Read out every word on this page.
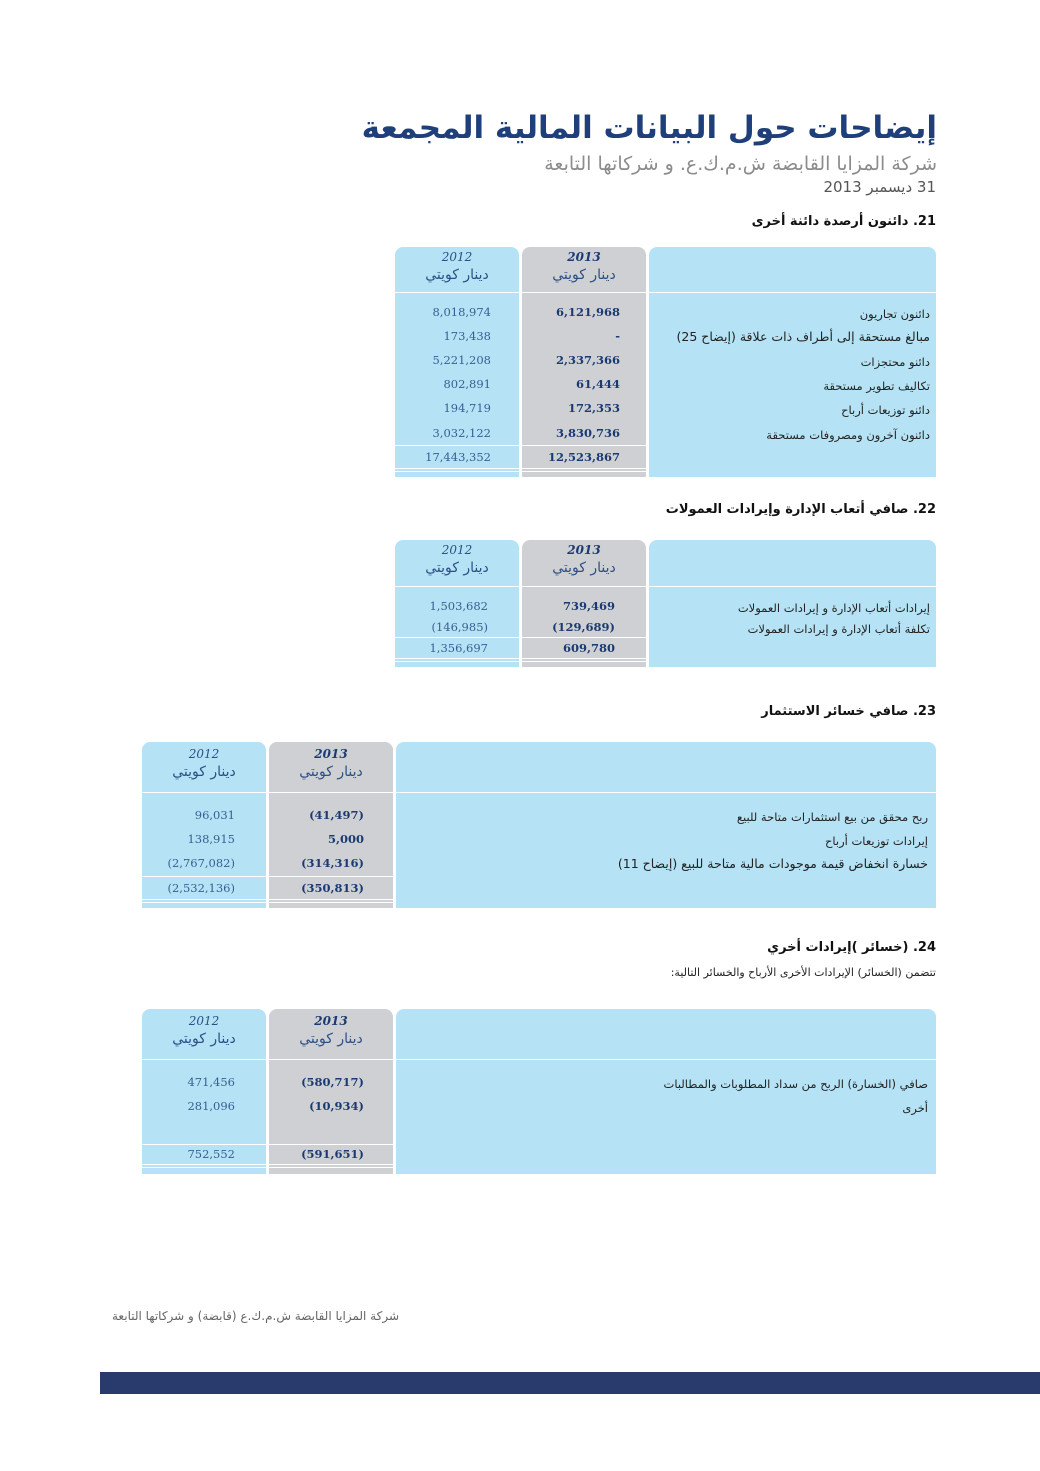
إيضاحات حول البيانات المالية المجمعة
شركة المزايا القابضة ش.م.ك.ع. و شركاتها التابعة
31 ديسمبر 2013
21. دائنون أرصدة دائنة أخرى
2012
دينار كويتي
2013
دينار كويتي
8,018,974	6,121,968	دائنون تجاريون
173,438	-	مبالغ مستحقة إلى أطراف ذات علاقة (إيضاح 25)
5,221,208	2,337,366	دائنو محتجزات
802,891	61,444	تكاليف تطوير مستحقة
194,719	172,353	دائنو توزيعات أرباح
3,032,122	3,830,736	دائنون آخرون ومصروفات مستحقة
17,443,352	12,523,867
22. صافي أتعاب الإدارة وإيرادات العمولات
2012
دينار كويتي
2013
دينار كويتي
1,503,682	739,469	إيرادات أتعاب الإدارة و إيرادات العمولات
(146,985)	(129,689)	تكلفة أتعاب الإدارة و إيرادات العمولات
1,356,697	609,780
23. صافي خسائر الاستثمار
2012
دينار كويتي
2013
دينار كويتي
96,031	(41,497)	ربح محقق من بيع استثمارات متاحة للبيع
138,915	5,000	إيرادات توزيعات أرباح
(2,767,082)	(314,316)	خسارة انخفاض قيمة موجودات مالية متاحة للبيع (إيضاح 11)
(2,532,136)	(350,813)
24. (خسائر )إيرادات أخري
تتضمن (الخسائر) الإيرادات الأخرى الأرباح والخسائر التالية:
2012
دينار كويتي
2013
دينار كويتي
471,456	(580,717)	صافي (الخسارة) الربح من سداد المطلوبات والمطالبات
281,096	(10,934)	أخرى
752,552	(591,651)
شركة المزايا القابضة ش.م.ك.ع (قابضة) و شركاتها التابعة
